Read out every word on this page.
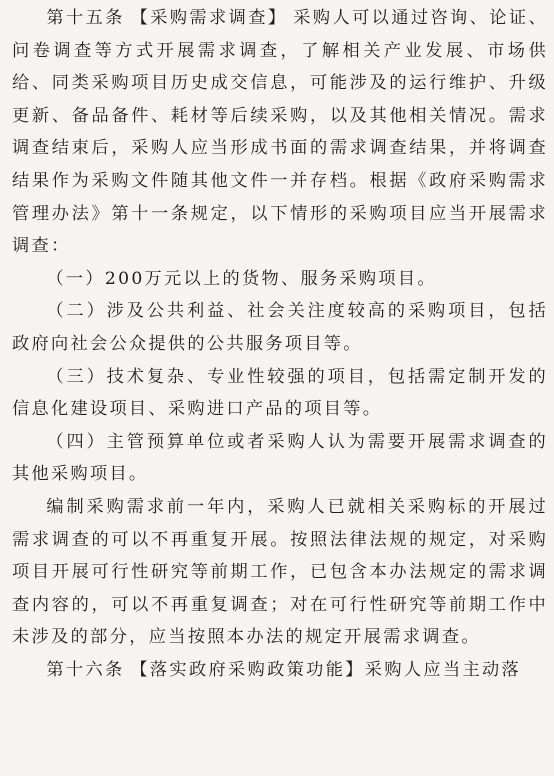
第十五条  【采购需求调查】  采购人可以通过咨询、论证、问卷调查等方式开展需求调查，了解相关产业发展、市场供给、同类采购项目历史成交信息，可能涉及的运行维护、升级更新、备品备件、耗材等后续采购，以及其他相关情况。需求调查结束后，采购人应当形成书面的需求调查结果，并将调查结果作为采购文件随其他文件一并存档。根据《政府采购需求管理办法》第十一条规定，以下情形的采购项目应当开展需求调查：

（一）200万元以上的货物、服务采购项目。

（二）涉及公共利益、社会关注度较高的采购项目，包括政府向社会公众提供的公共服务项目等。

（三）技术复杂、专业性较强的项目，包括需定制开发的信息化建设项目、采购进口产品的项目等。

（四）主管预算单位或者采购人认为需要开展需求调查的其他采购项目。

编制采购需求前一年内，采购人已就相关采购标的开展过需求调查的可以不再重复开展。按照法律法规的规定，对采购项目开展可行性研究等前期工作，已包含本办法规定的需求调查内容的，可以不再重复调查；对在可行性研究等前期工作中未涉及的部分，应当按照本办法的规定开展需求调查。

第十六条  【落实政府采购政策功能】采购人应当主动落
